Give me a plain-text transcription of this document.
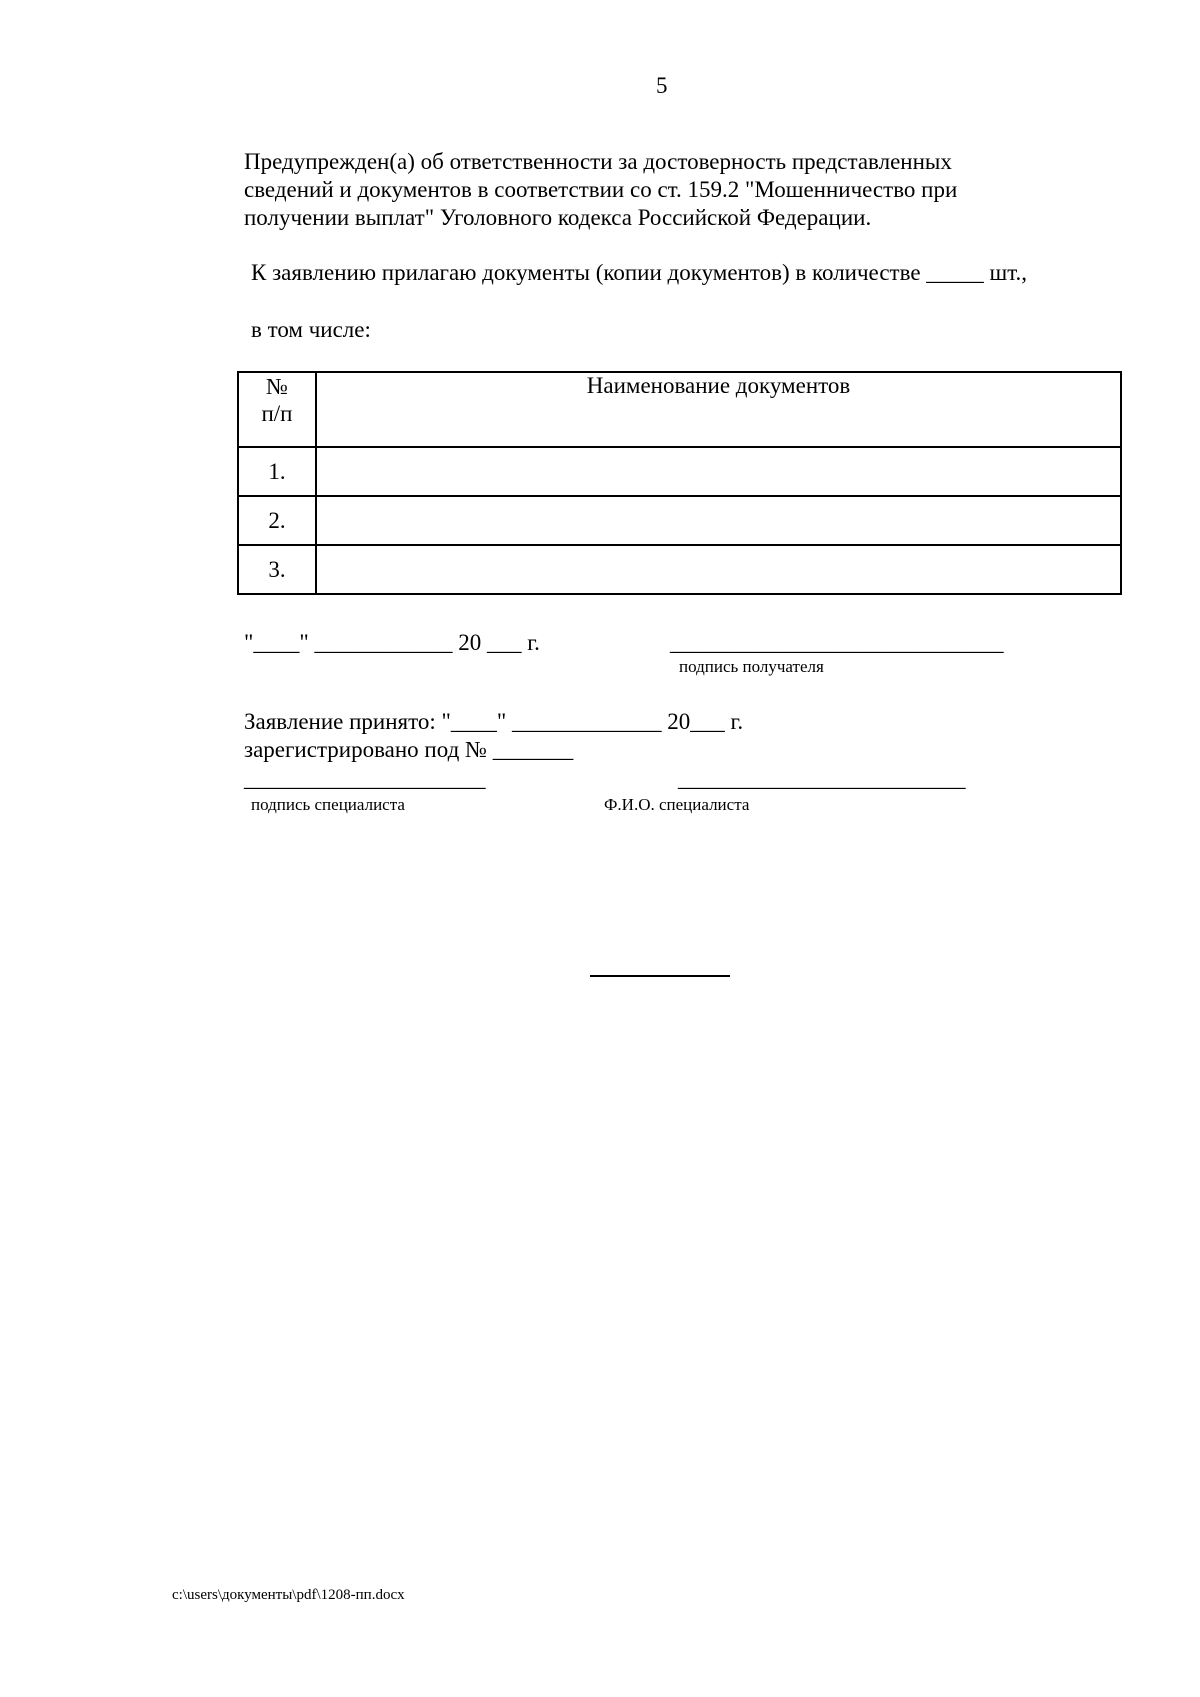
5
Предупрежден(а) об ответственности за достоверность представленных
сведений и документов в соответствии со ст. 159.2 "Мошенничество при
получении выплат" Уголовного кодекса Российской Федерации.
К заявлению прилагаю документы (копии документов) в количестве _____ шт.,
в том числе:
№
п/п	Наименование документов
1.	
2.	
3.	
"____" ____________ 20 ___ г.	_____________________________
подпись получателя
Заявление принято: "____" _____________ 20___ г.
зарегистрировано под № _______
_____________________	_________________________
подпись специалиста	Ф.И.О. специалиста
c:\users\документы\pdf\1208-пп.docx
